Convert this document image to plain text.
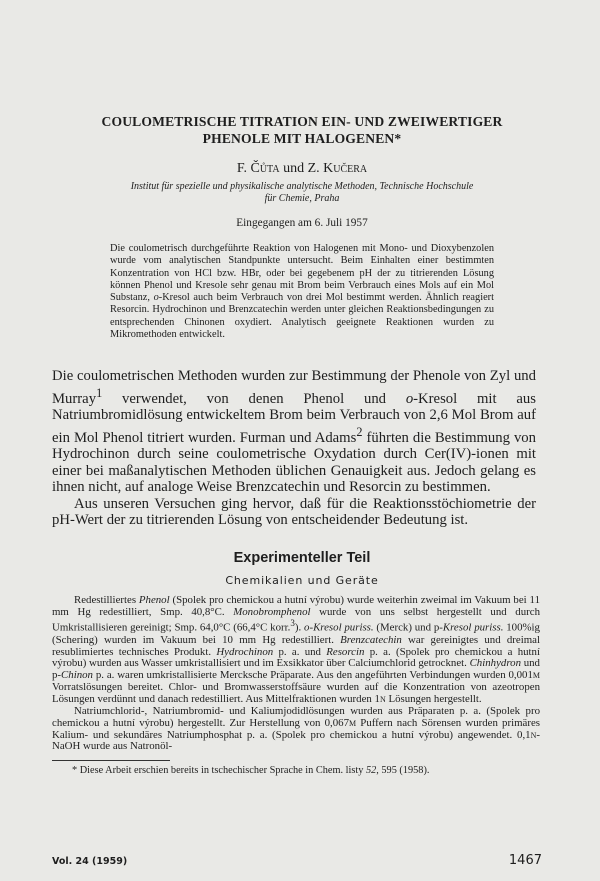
COULOMETRISCHE TITRATION EIN- UND ZWEIWERTIGER
PHENOLE MIT HALOGENEN*
F. Čůta und Z. Kučera
Institut für spezielle und physikalische analytische Methoden, Technische Hochschule
für Chemie, Praha
Eingegangen am 6. Juli 1957
Die coulometrisch durchgeführte Reaktion von Halogenen mit Mono- und Dioxybenzolen wurde vom analytischen Standpunkte untersucht. Beim Einhalten einer bestimmten Konzentration von HCl bzw. HBr, oder bei gegebenem pH der zu titrierenden Lösung können Phenol und Kresole sehr genau mit Brom beim Verbrauch eines Mols auf ein Mol Substanz, o-Kresol auch beim Verbrauch von drei Mol bestimmt werden. Ähnlich reagiert Resorcin. Hydrochinon und Brenzcatechin werden unter gleichen Reaktionsbedingungen zu entsprechenden Chinonen oxydiert. Analytisch geeignete Reaktionen wurden zu Mikromethoden entwickelt.

Die coulometrischen Methoden wurden zur Bestimmung der Phenole von Zyl und Murray$^1$ verwendet, von denen Phenol und o-Kresol mit aus Natriumbromidlösung entwickeltem Brom beim Verbrauch von 2,6 Mol Brom auf ein Mol Phenol titriert wurden. Furman und Adams$^2$ führten die Bestimmung von Hydrochinon durch seine coulometrische Oxydation durch Cer(IV)-ionen mit einer bei maßanalytischen Methoden üblichen Genauigkeit aus. Jedoch gelang es ihnen nicht, auf analoge Weise Brenzcatechin und Resorcin zu bestimmen.

Aus unseren Versuchen ging hervor, daß für die Reaktionsstöchiometrie der pH-Wert der zu titrierenden Lösung von entscheidender Bedeutung ist.

Experimenteller Teil
Chemikalien und Geräte

Redestilliertes Phenol (Spolek pro chemickou a hutní výrobu) wurde weiterhin zweimal im Vakuum bei 11 mm Hg redestilliert, Smp. 40,8°C. Monobromphenol wurde von uns selbst hergestellt und durch Umkristallisieren gereinigt; Smp. 64,0°C (66,4°C korr.$^3$). o-Kresol puriss. (Merck) und p-Kresol puriss. 100%ig (Schering) wurden im Vakuum bei 10 mm Hg redestilliert. Brenzcatechin war gereinigtes und dreimal resublimiertes technisches Produkt. Hydrochinon p. a. und Resorcin p. a. (Spolek pro chemickou a hutní výrobu) wurden aus Wasser umkristallisiert und im Exsikkator über Calciumchlorid getrocknet. Chinhydron und p-Chinon p. a. waren umkristallisierte Mercksche Präparate. Aus den angeführten Verbindungen wurden 0,001m Vorratslösungen bereitet. Chlor- und Bromwasserstoffsäure wurden auf die Konzentration von azeotropen Lösungen verdünnt und danach redestilliert. Aus Mittelfraktionen wurden 1n Lösungen hergestellt.

Natriumchlorid-, Natriumbromid- und Kaliumjodidlösungen wurden aus Präparaten p. a. (Spolek pro chemickou a hutní výrobu) hergestellt. Zur Herstellung von 0,067m Puffern nach Sörensen wurden primäres Kalium- und sekundäres Natriumphosphat p. a. (Spolek pro chemickou a hutní výrobu) angewendet. 0,1n-NaOH wurde aus Natronöl-

* Diese Arbeit erschien bereits in tschechischer Sprache in Chem. listy 52, 595 (1958).
Vol. 24 (1959)	1467
